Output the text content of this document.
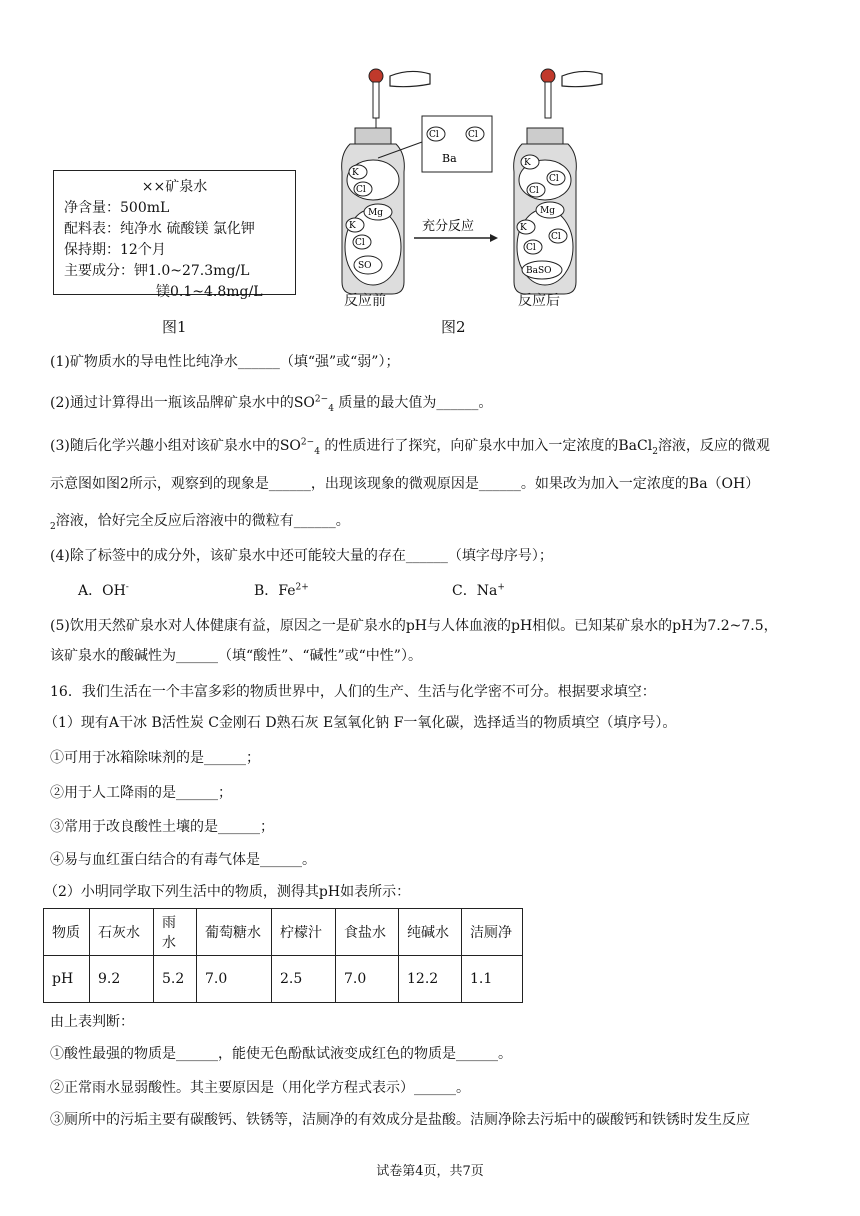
××矿泉水
净含量：500mL
配料表：纯净水 硫酸镁 氯化钾
保持期：12个月
主要成分：钾1.0~27.3mg/L
镁0.1~4.8mg/L
图1
K
Cl
Mg
K
Cl
SO
Cl	Cl
Ba
充分反应
K
Cl
Cl
Mg
K
Cl
Cl
BaSO
反应前	反应后
图2
(1)矿物质水的导电性比纯净水______（填“强”或“弱”）；
(2)通过计算得出一瓶该品牌矿泉水中的$SO^{2-}_4$ 质量的最大值为______。
(3)随后化学兴趣小组对该矿泉水中的$SO^{2-}_4$ 的性质进行了探究，向矿泉水中加入一定浓度的BaCl$_2$溶液，反应的微观
示意图如图2所示，观察到的现象是______，出现该现象的微观原因是______。如果改为加入一定浓度的Ba（OH）
$_2$溶液，恰好完全反应后溶液中的微粒有______。
(4)除了标签中的成分外，该矿泉水中还可能较大量的存在______（填字母序号）；
A．OH-	B．$Fe^{2+}$	C．Na+
(5)饮用天然矿泉水对人体健康有益，原因之一是矿泉水的pH与人体血液的pH相似。已知某矿泉水的pH为7.2~7.5，
该矿泉水的酸碱性为______（填“酸性”、“碱性”或“中性”）。
16．我们生活在一个丰富多彩的物质世界中，人们的生产、生活与化学密不可分。根据要求填空：
（1）现有A干冰 B活性炭 C金刚石 D熟石灰 E氢氧化钠 F一氧化碳，选择适当的物质填空（填序号）。
①可用于冰箱除味剂的是______；
②用于人工降雨的是______；
③常用于改良酸性土壤的是______；
④易与血红蛋白结合的有毒气体是______。
（2）小明同学取下列生活中的物质，测得其pH如表所示：
物质	石灰水	雨水	葡萄糖水	柠檬汁	食盐水	纯碱水	洁厕净
pH	9.2	5.2	7.0	2.5	7.0	12.2	1.1
由上表判断：
①酸性最强的物质是______，能使无色酚酞试液变成红色的物质是______。
②正常雨水显弱酸性。其主要原因是（用化学方程式表示）______。
③厕所中的污垢主要有碳酸钙、铁锈等，洁厕净的有效成分是盐酸。洁厕净除去污垢中的碳酸钙和铁锈时发生反应
试卷第4页，共7页
